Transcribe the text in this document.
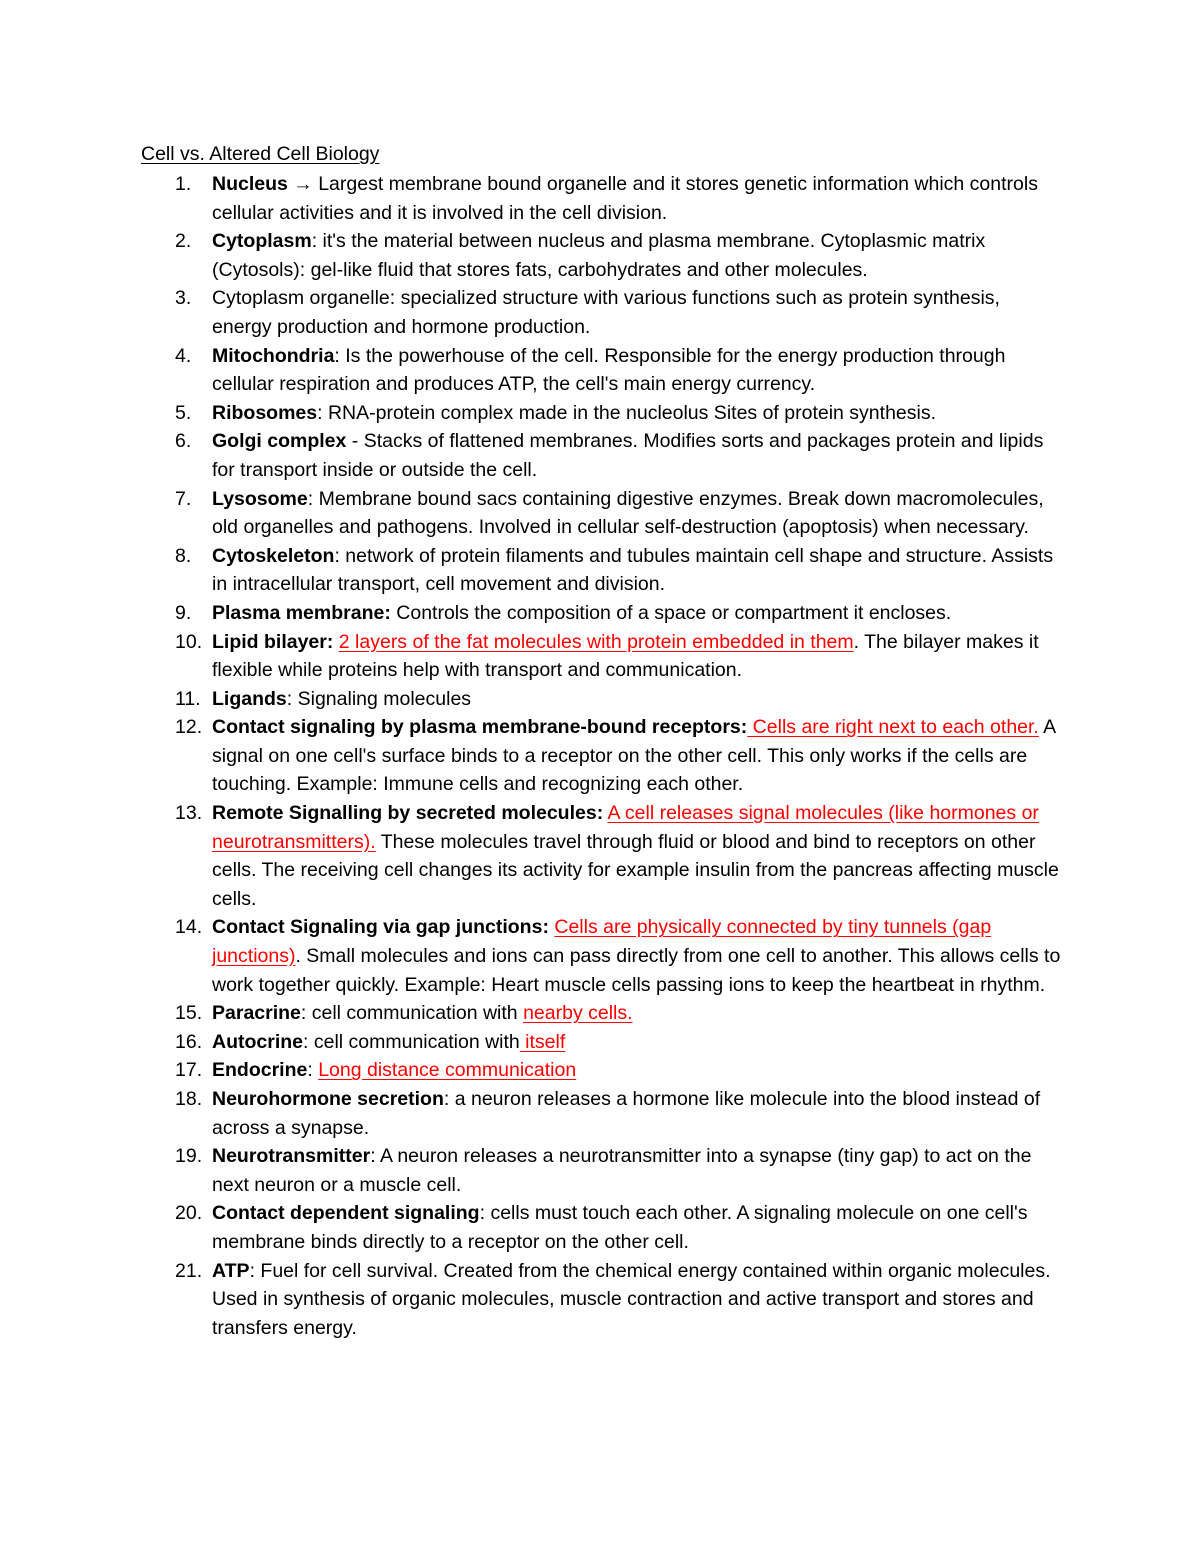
Cell vs. Altered Cell Biology
1. Nucleus → Largest membrane bound organelle and it stores genetic information which controls cellular activities and it is involved in the cell division.
2. Cytoplasm: it's the material between nucleus and plasma membrane. Cytoplasmic matrix (Cytosols): gel-like fluid that stores fats, carbohydrates and other molecules.
3. Cytoplasm organelle: specialized structure with various functions such as protein synthesis, energy production and hormone production.
4. Mitochondria: Is the powerhouse of the cell. Responsible for the energy production through cellular respiration and produces ATP, the cell's main energy currency.
5. Ribosomes: RNA-protein complex made in the nucleolus Sites of protein synthesis.
6. Golgi complex - Stacks of flattened membranes. Modifies sorts and packages protein and lipids for transport inside or outside the cell.
7. Lysosome: Membrane bound sacs containing digestive enzymes. Break down macromolecules, old organelles and pathogens. Involved in cellular self-destruction (apoptosis) when necessary.
8. Cytoskeleton: network of protein filaments and tubules maintain cell shape and structure. Assists in intracellular transport, cell movement and division.
9. Plasma membrane: Controls the composition of a space or compartment it encloses.
10. Lipid bilayer: 2 layers of the fat molecules with protein embedded in them. The bilayer makes it flexible while proteins help with transport and communication.
11. Ligands: Signaling molecules
12. Contact signaling by plasma membrane-bound receptors: Cells are right next to each other. A signal on one cell's surface binds to a receptor on the other cell. This only works if the cells are touching. Example: Immune cells and recognizing each other.
13. Remote Signalling by secreted molecules: A cell releases signal molecules (like hormones or neurotransmitters). These molecules travel through fluid or blood and bind to receptors on other cells. The receiving cell changes its activity for example insulin from the pancreas affecting muscle cells.
14. Contact Signaling via gap junctions: Cells are physically connected by tiny tunnels (gap junctions). Small molecules and ions can pass directly from one cell to another. This allows cells to work together quickly. Example: Heart muscle cells passing ions to keep the heartbeat in rhythm.
15. Paracrine: cell communication with nearby cells.
16. Autocrine: cell communication with itself
17. Endocrine: Long distance communication
18. Neurohormone secretion: a neuron releases a hormone like molecule into the blood instead of across a synapse.
19. Neurotransmitter: A neuron releases a neurotransmitter into a synapse (tiny gap) to act on the next neuron or a muscle cell.
20. Contact dependent signaling: cells must touch each other. A signaling molecule on one cell's membrane binds directly to a receptor on the other cell.
21. ATP: Fuel for cell survival. Created from the chemical energy contained within organic molecules. Used in synthesis of organic molecules, muscle contraction and active transport and stores and transfers energy.
